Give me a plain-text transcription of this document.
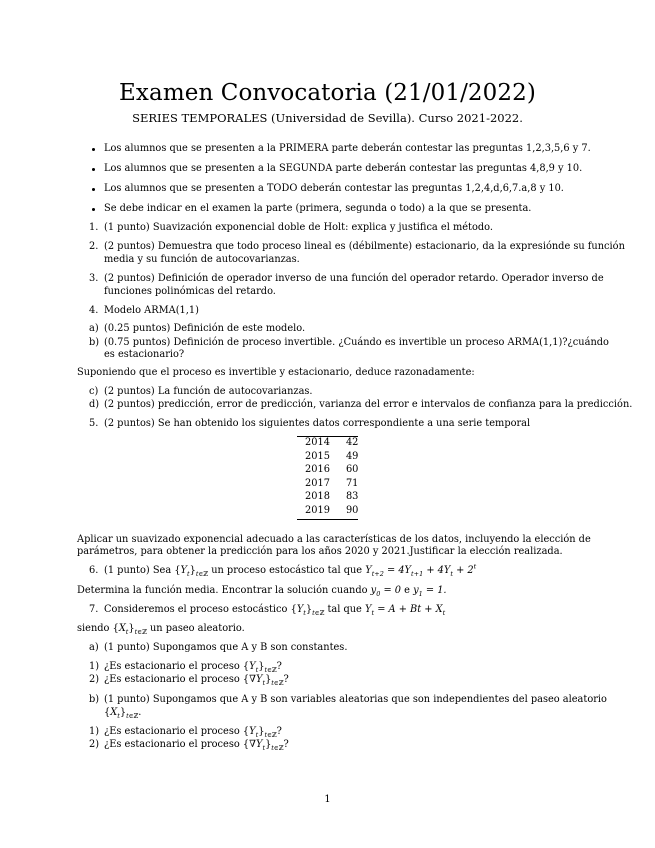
Examen Convocatoria (21/01/2022)
SERIES TEMPORALES (Universidad de Sevilla). Curso 2021-2022.
Los alumnos que se presenten a la PRIMERA parte deberán contestar las preguntas 1,2,3,5,6 y 7.
Los alumnos que se presenten a la SEGUNDA parte deberán contestar las preguntas 4,8,9 y 10.
Los alumnos que se presenten a TODO deberán contestar las preguntas 1,2,4,d,6,7.a,8 y 10.
Se debe indicar en el examen la parte (primera, segunda o todo) a la que se presenta.
1. (1 punto) Suavización exponencial doble de Holt: explica y justifica el método.
2. (2 puntos) Demuestra que todo proceso lineal es (débilmente) estacionario, da la expresiónde su función
media y su función de autocovarianzas.
3. (2 puntos) Definición de operador inverso de una función del operador retardo. Operador inverso de
funciones polinómicas del retardo.
4. Modelo ARMA(1,1)
a) (0.25 puntos) Definición de este modelo.
b) (0.75 puntos) Definición de proceso invertible. ¿Cuándo es invertible un proceso ARMA(1,1)?¿cuándo
es estacionario?
Suponiendo que el proceso es invertible y estacionario, deduce razonadamente:
c) (2 puntos) La función de autocovarianzas.
d) (2 puntos) predicción, error de predicción, varianza del error e intervalos de confianza para la predicción.
5. (2 puntos) Se han obtenido los siguientes datos correspondiente a una serie temporal
2014	42
2015	49
2016	60
2017	71
2018	83
2019	90
Aplicar un suavizado exponencial adecuado a las características de los datos, incluyendo la elección de
parámetros, para obtener la predicción para los años 2020 y 2021.Justificar la elección realizada.
6. (1 punto) Sea $\{Y_t\}_{t\in ℤ}$ un proceso estocástico tal que $Y_{t+2} = 4Y_{t+1} + 4Y_t + 2^t$
Determina la función media. Encontrar la solución cuando $y_0 = 0$ e $y_1 = 1$.
7. Consideremos el proceso estocástico $\{Y_t\}_{t\in ℤ}$ tal que $Y_t = A + Bt + X_t$
siendo $\{X_t\}_{t\in ℤ}$ un paseo aleatorio.
a) (1 punto) Supongamos que A y B son constantes.
1) ¿Es estacionario el proceso $\{Y_t\}_{t\in ℤ}$?
2) ¿Es estacionario el proceso $\{\nabla Y_t\}_{t\in ℤ}$?
b) (1 punto) Supongamos que A y B son variables aleatorias que son independientes del paseo aleatorio
$\{X_t\}_{t\in ℤ}$.
1) ¿Es estacionario el proceso $\{Y_t\}_{t\in ℤ}$?
2) ¿Es estacionario el proceso $\{\nabla Y_t\}_{t\in ℤ}$?
1
